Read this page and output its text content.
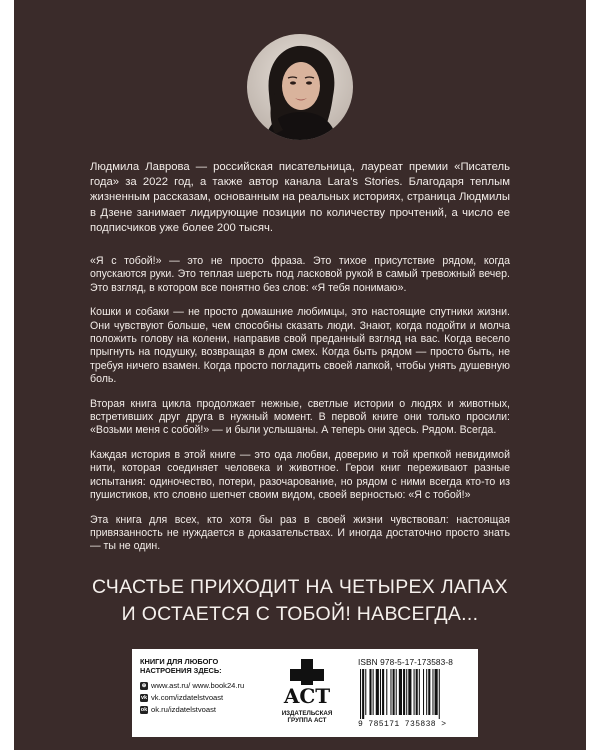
Людмила Лаврова — российская писательница, лауреат премии «Писатель года» за 2022 год, а также автор канала Lara’s Stories. Благодаря теплым жизненным рассказам, основанным на реальных историях, страница Людмилы в Дзене занимает лидирующие позиции по количеству прочтений, а число ее подписчиков уже более 200 тысяч.

«Я с тобой!» — это не просто фраза. Это тихое присутствие рядом, когда опускаются руки. Это теплая шерсть под ласковой рукой в самый тревожный вечер. Это взгляд, в котором все понятно без слов: «Я тебя понимаю».

Кошки и собаки — не просто домашние любимцы, это настоящие спутники жизни. Они чувствуют больше, чем способны сказать люди. Знают, когда подойти и молча положить голову на колени, направив свой преданный взгляд на вас. Когда весело прыгнуть на подушку, возвращая в дом смех. Когда быть рядом — просто быть, не требуя ничего взамен. Когда просто погладить своей лапкой, чтобы унять душевную боль.

Вторая книга цикла продолжает нежные, светлые истории о людях и животных, встретивших друг друга в нужный момент. В первой книге они только просили: «Возьми меня с собой!» — и были услышаны. А теперь они здесь. Рядом. Всегда.

Каждая история в этой книге — это ода любви, доверию и той крепкой невидимой нити, которая соединяет человека и животное. Герои книг переживают разные испытания: одиночество, потери, разочарование, но рядом с ними всегда кто-то из пушистиков, кто словно шепчет своим видом, своей верностью: «Я с тобой!»

Эта книга для всех, кто хотя бы раз в своей жизни чувствовал: настоящая привязанность не нуждается в доказательствах. И иногда достаточно просто знать — ты не один.

СЧАСТЬЕ ПРИХОДИТ НА ЧЕТЫРЕХ ЛАПАХ
И ОСТАЕТСЯ С ТОБОЙ! НАВСЕГДА...
КНИГИ ДЛЯ ЛЮБОГО
НАСТРОЕНИЯ ЗДЕСЬ:
⊕ www.ast.ru/ www.book24.ru
vk vk.com/izdatelstvoast
ok ok.ru/izdatelstvoast
ACT
ИЗДАТЕЛЬСКАЯ
ГРУППА АСТ
ISBN 978-5-17-173583-8
9 785171 735838 >
